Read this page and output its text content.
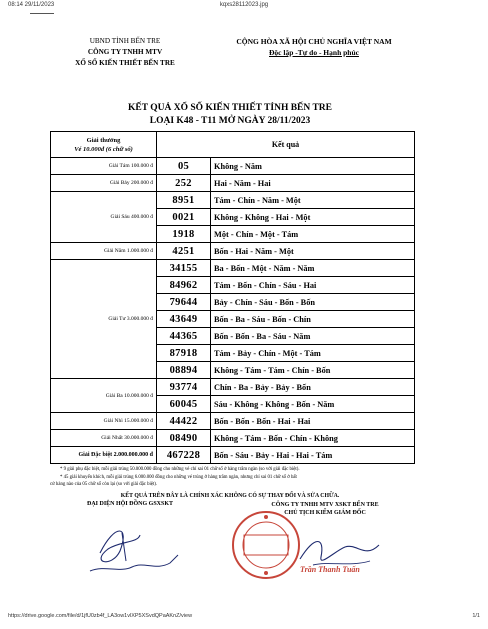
08:14 29/11/2023	kqxs28112023.jpg
UBND TỈNH BẾN TRE
CÔNG TY TNHH MTV
XỔ SỐ KIẾN THIẾT BẾN TRE
CỘNG HÒA XÃ HỘI CHỦ NGHĨA VIỆT NAM
Độc lập -Tự do - Hạnh phúc
KẾT QUẢ XỔ SỐ KIẾN THIẾT TỈNH BẾN TRE
LOẠI K48 - T11 MỞ NGÀY 28/11/2023
Giải thưởng
Vé 10.000đ (6 chữ số)	Kết quả	
Giải Tám 100.000 đ	05	Không - Năm
Giải Bảy 200.000 đ	252	Hai - Năm - Hai
Giải Sáu 400.000 đ	8951	Tám - Chín - Năm - Một
	0021	Không - Không - Hai - Một
	1918	Một - Chín - Một - Tám
Giải Năm 1.000.000 đ	4251	Bốn - Hai - Năm - Một
Giải Tư 3.000.000 đ	34155	Ba - Bốn - Một - Năm - Năm
	84962	Tám - Bốn - Chín - Sáu - Hai
	79644	Bảy - Chín - Sáu - Bốn - Bốn
	43649	Bốn - Ba - Sáu - Bốn - Chín
	44365	Bốn - Bốn - Ba - Sáu - Năm
	87918	Tám - Bảy - Chín - Một - Tám
	08894	Không - Tám - Tám - Chín - Bốn
Giải Ba 10.000.000 đ	93774	Chín - Ba - Bảy - Bảy - Bốn
	60045	Sáu - Không - Không - Bốn - Năm
Giải Nhì 15.000.000 đ	44422	Bốn - Bốn - Bốn - Hai - Hai
Giải Nhất 30.000.000 đ	08490	Không - Tám - Bốn - Chín - Không
Giải Đặc biệt 2.000.000.000 đ	467228	Bốn - Sáu - Bảy - Hai - Hai - Tám
* 9 giải phụ đặc biệt, mỗi giải trúng 50.000.000 đồng cho những vé chỉ sai 01 chữ số ở hàng trăm ngàn (so với giải đặc biệt).
* 45 giải khuyến khích, mỗi giải trúng 6.000.000 đồng cho những vé trúng ở hàng trăm ngàn, nhưng chỉ sai 01 chữ số ở bất
cứ hàng nào của 05 chữ số còn lại (so với giải đặc biệt).
KẾT QUẢ TRÊN ĐÂY LÀ CHÍNH XÁC KHÔNG CÓ SỰ THAY ĐỔI VÀ SỬA CHỮA.
ĐẠI DIỆN HỘI ĐỒNG GSXSKT	CÔNG TY TNHH MTV XSKT BẾN TRE
CHỦ TỊCH KIỂM GIÁM ĐỐC
Trần Thanh Tuấn
https://drive.google.com/file/d/1jfU0zb4f_LA3ow1vlXP5XSvdQPaAKnZ/view	1/1
